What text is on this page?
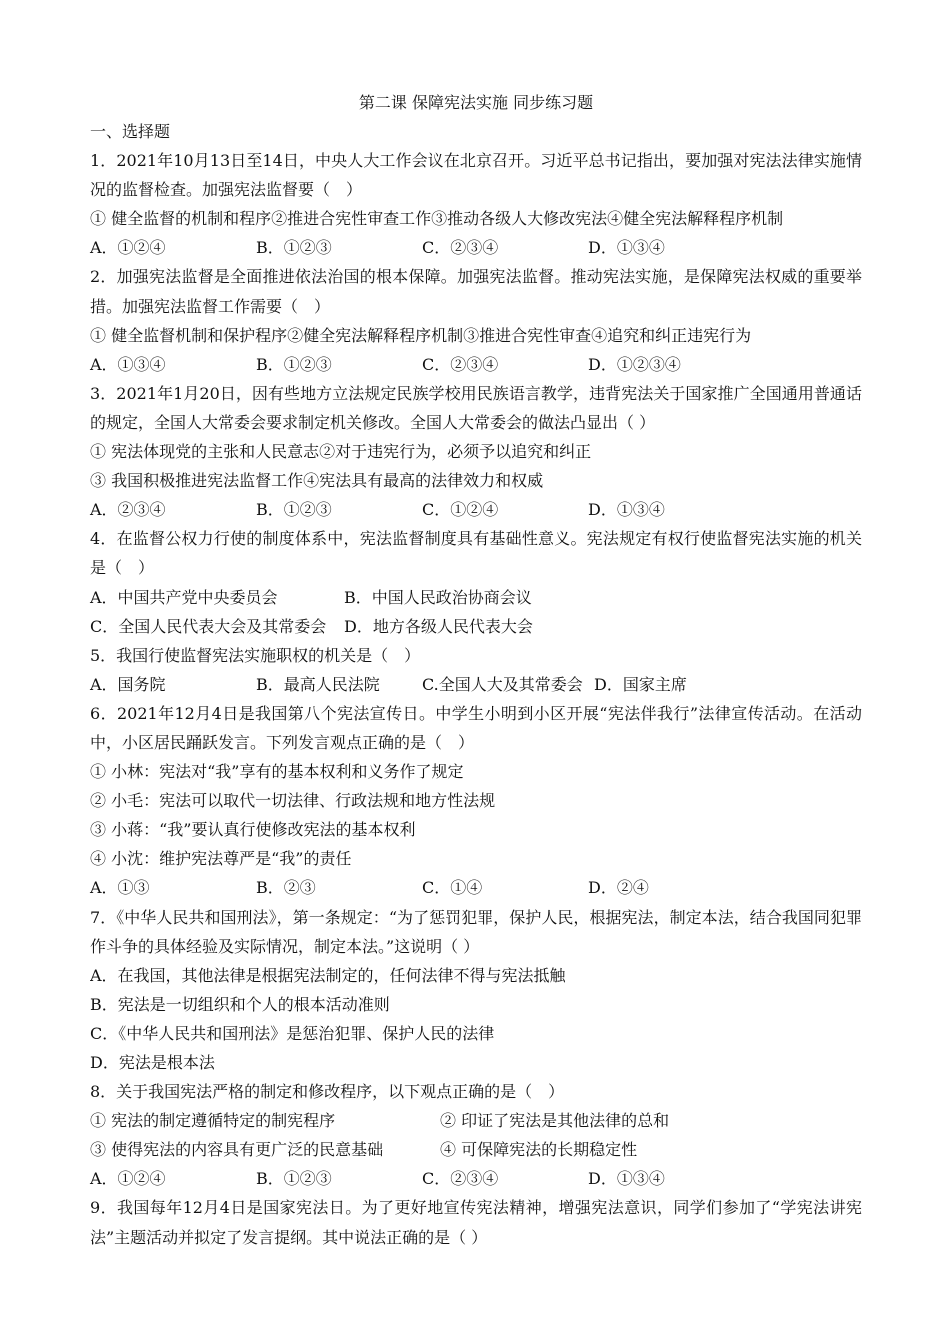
第二课 保障宪法实施 同步练习题
一、选择题
1．2021年10月13日至14日，中央人大工作会议在北京召开。习近平总书记指出，要加强对宪法法律实施情况的监督检查。加强宪法监督要（　）
① 健全监督的机制和程序②推进合宪性审查工作③推动各级人大修改宪法④健全宪法解释程序机制
A．①②④	B．①②③	C．②③④	D．①③④
2．加强宪法监督是全面推进依法治国的根本保障。加强宪法监督。推动宪法实施，是保障宪法权威的重要举措。加强宪法监督工作需要（　）
① 健全监督机制和保护程序②健全宪法解释程序机制③推进合宪性审查④追究和纠正违宪行为
A．①③④	B．①②③	C．②③④	D．①②③④
3．2021年1月20日，因有些地方立法规定民族学校用民族语言教学，违背宪法关于国家推广全国通用普通话的规定，全国人大常委会要求制定机关修改。全国人大常委会的做法凸显出（ ）
① 宪法体现党的主张和人民意志②对于违宪行为，必须予以追究和纠正
③ 我国积极推进宪法监督工作④宪法具有最高的法律效力和权威
A．②③④	B．①②③	C．①②④	D．①③④
4．在监督公权力行使的制度体系中，宪法监督制度具有基础性意义。宪法规定有权行使监督宪法实施的机关是（　）
A．中国共产党中央委员会	B．中国人民政治协商会议
C．全国人民代表大会及其常委会	D．地方各级人民代表大会
5．我国行使监督宪法实施职权的机关是（　）
A．国务院	B．最高人民法院	C.全国人大及其常委会 D．国家主席
6．2021年12月4日是我国第八个宪法宣传日。中学生小明到小区开展“宪法伴我行”法律宣传活动。在活动中，小区居民踊跃发言。下列发言观点正确的是（　）
① 小林：宪法对“我”享有的基本权利和义务作了规定
② 小毛：宪法可以取代一切法律、行政法规和地方性法规
③ 小蒋：“我”要认真行使修改宪法的基本权利
④ 小沈：维护宪法尊严是“我”的责任
A．①③	B．②③	C．①④	D．②④
7．《中华人民共和国刑法》，第一条规定：“为了惩罚犯罪，保护人民，根据宪法，制定本法，结合我国同犯罪作斗争的具体经验及实际情况，制定本法。”这说明（ ）
A．在我国，其他法律是根据宪法制定的，任何法律不得与宪法抵触
B．宪法是一切组织和个人的根本活动准则
C．《中华人民共和国刑法》是惩治犯罪、保护人民的法律
D．宪法是根本法
8．关于我国宪法严格的制定和修改程序，以下观点正确的是（　）
① 宪法的制定遵循特定的制宪程序	② 印证了宪法是其他法律的总和
③ 使得宪法的内容具有更广泛的民意基础	④ 可保障宪法的长期稳定性
A．①②④	B．①②③	C．②③④	D．①③④
9．我国每年12月4日是国家宪法日。为了更好地宣传宪法精神，增强宪法意识，同学们参加了“学宪法讲宪法”主题活动并拟定了发言提纲。其中说法正确的是（ ）
